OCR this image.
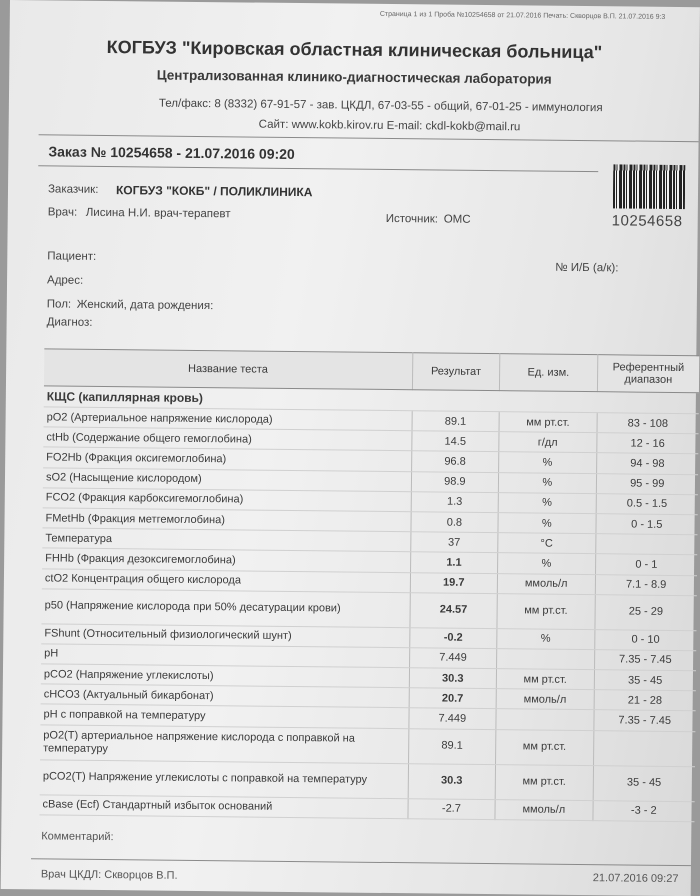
Страница 1 из 1 Проба №10254658 от 21.07.2016 Печать: Скворцов В.П. 21.07.2016 9:3
КОГБУЗ "Кировская областная клиническая больница"
Централизованная клинико-диагностическая лаборатория
Тел/факс: 8 (8332) 67-91-57 - зав. ЦКДЛ, 67-03-55 - общий, 67-01-25 - иммунология
Сайт: www.kokb.kirov.ru E-mail: ckdl-kokb@mail.ru
Заказ № 10254658 - 21.07.2016 09:20
10254658
Заказчик: КОГБУЗ "КОКБ" / ПОЛИКЛИНИКА
Врач: Лисина Н.И. врач-терапевт	Источник: ОМС
Пациент:
№ И/Б (а/к):
Адрес:
Пол: Женский, дата рождения:
Диагноз:
Название теста	Результат	Ед. изм.	Референтный диапазон
КЩС (капиллярная кровь)			
pO2 (Артериальное напряжение кислорода)	89.1	мм рт.ст.	83 - 108
ctHb (Содержание общего гемоглобина)	14.5	г/дл	12 - 16
FO2Hb (Фракция оксигемоглобина)	96.8	%	94 - 98
sO2 (Насыщение кислородом)	98.9	%	95 - 99
FCO2 (Фракция карбоксигемоглобина)	1.3	%	0.5 - 1.5
FMetHb (Фракция метгемоглобина)	0.8	%	0 - 1.5
Температура	37	°C	
FHHb (Фракция дезоксигемоглобина)	1.1	%	0 - 1
ctO2 Концентрация общего кислорода	19.7	ммоль/л	7.1 - 8.9
p50 (Напряжение кислорода при 50% десатурации крови)	24.57	мм рт.ст.	25 - 29
FShunt (Относительный физиологический шунт)	-0.2	%	0 - 10
pH	7.449		7.35 - 7.45
pCO2 (Напряжение углекислоты)	30.3	мм рт.ст.	35 - 45
cHCO3 (Актуальный бикарбонат)	20.7	ммоль/л	21 - 28
pH с поправкой на температуру	7.449		7.35 - 7.45
pO2(T) артериальное напряжение кислорода с поправкой на температуру	89.1	мм рт.ст.	
pCO2(T) Напряжение углекислоты с поправкой на температуру	30.3	мм рт.ст.	35 - 45
cBase (Ecf) Стандартный избыток оснований	-2.7	ммоль/л	-3 - 2
Комментарий:
Врач ЦКДЛ: Скворцов В.П.	21.07.2016 09:27
